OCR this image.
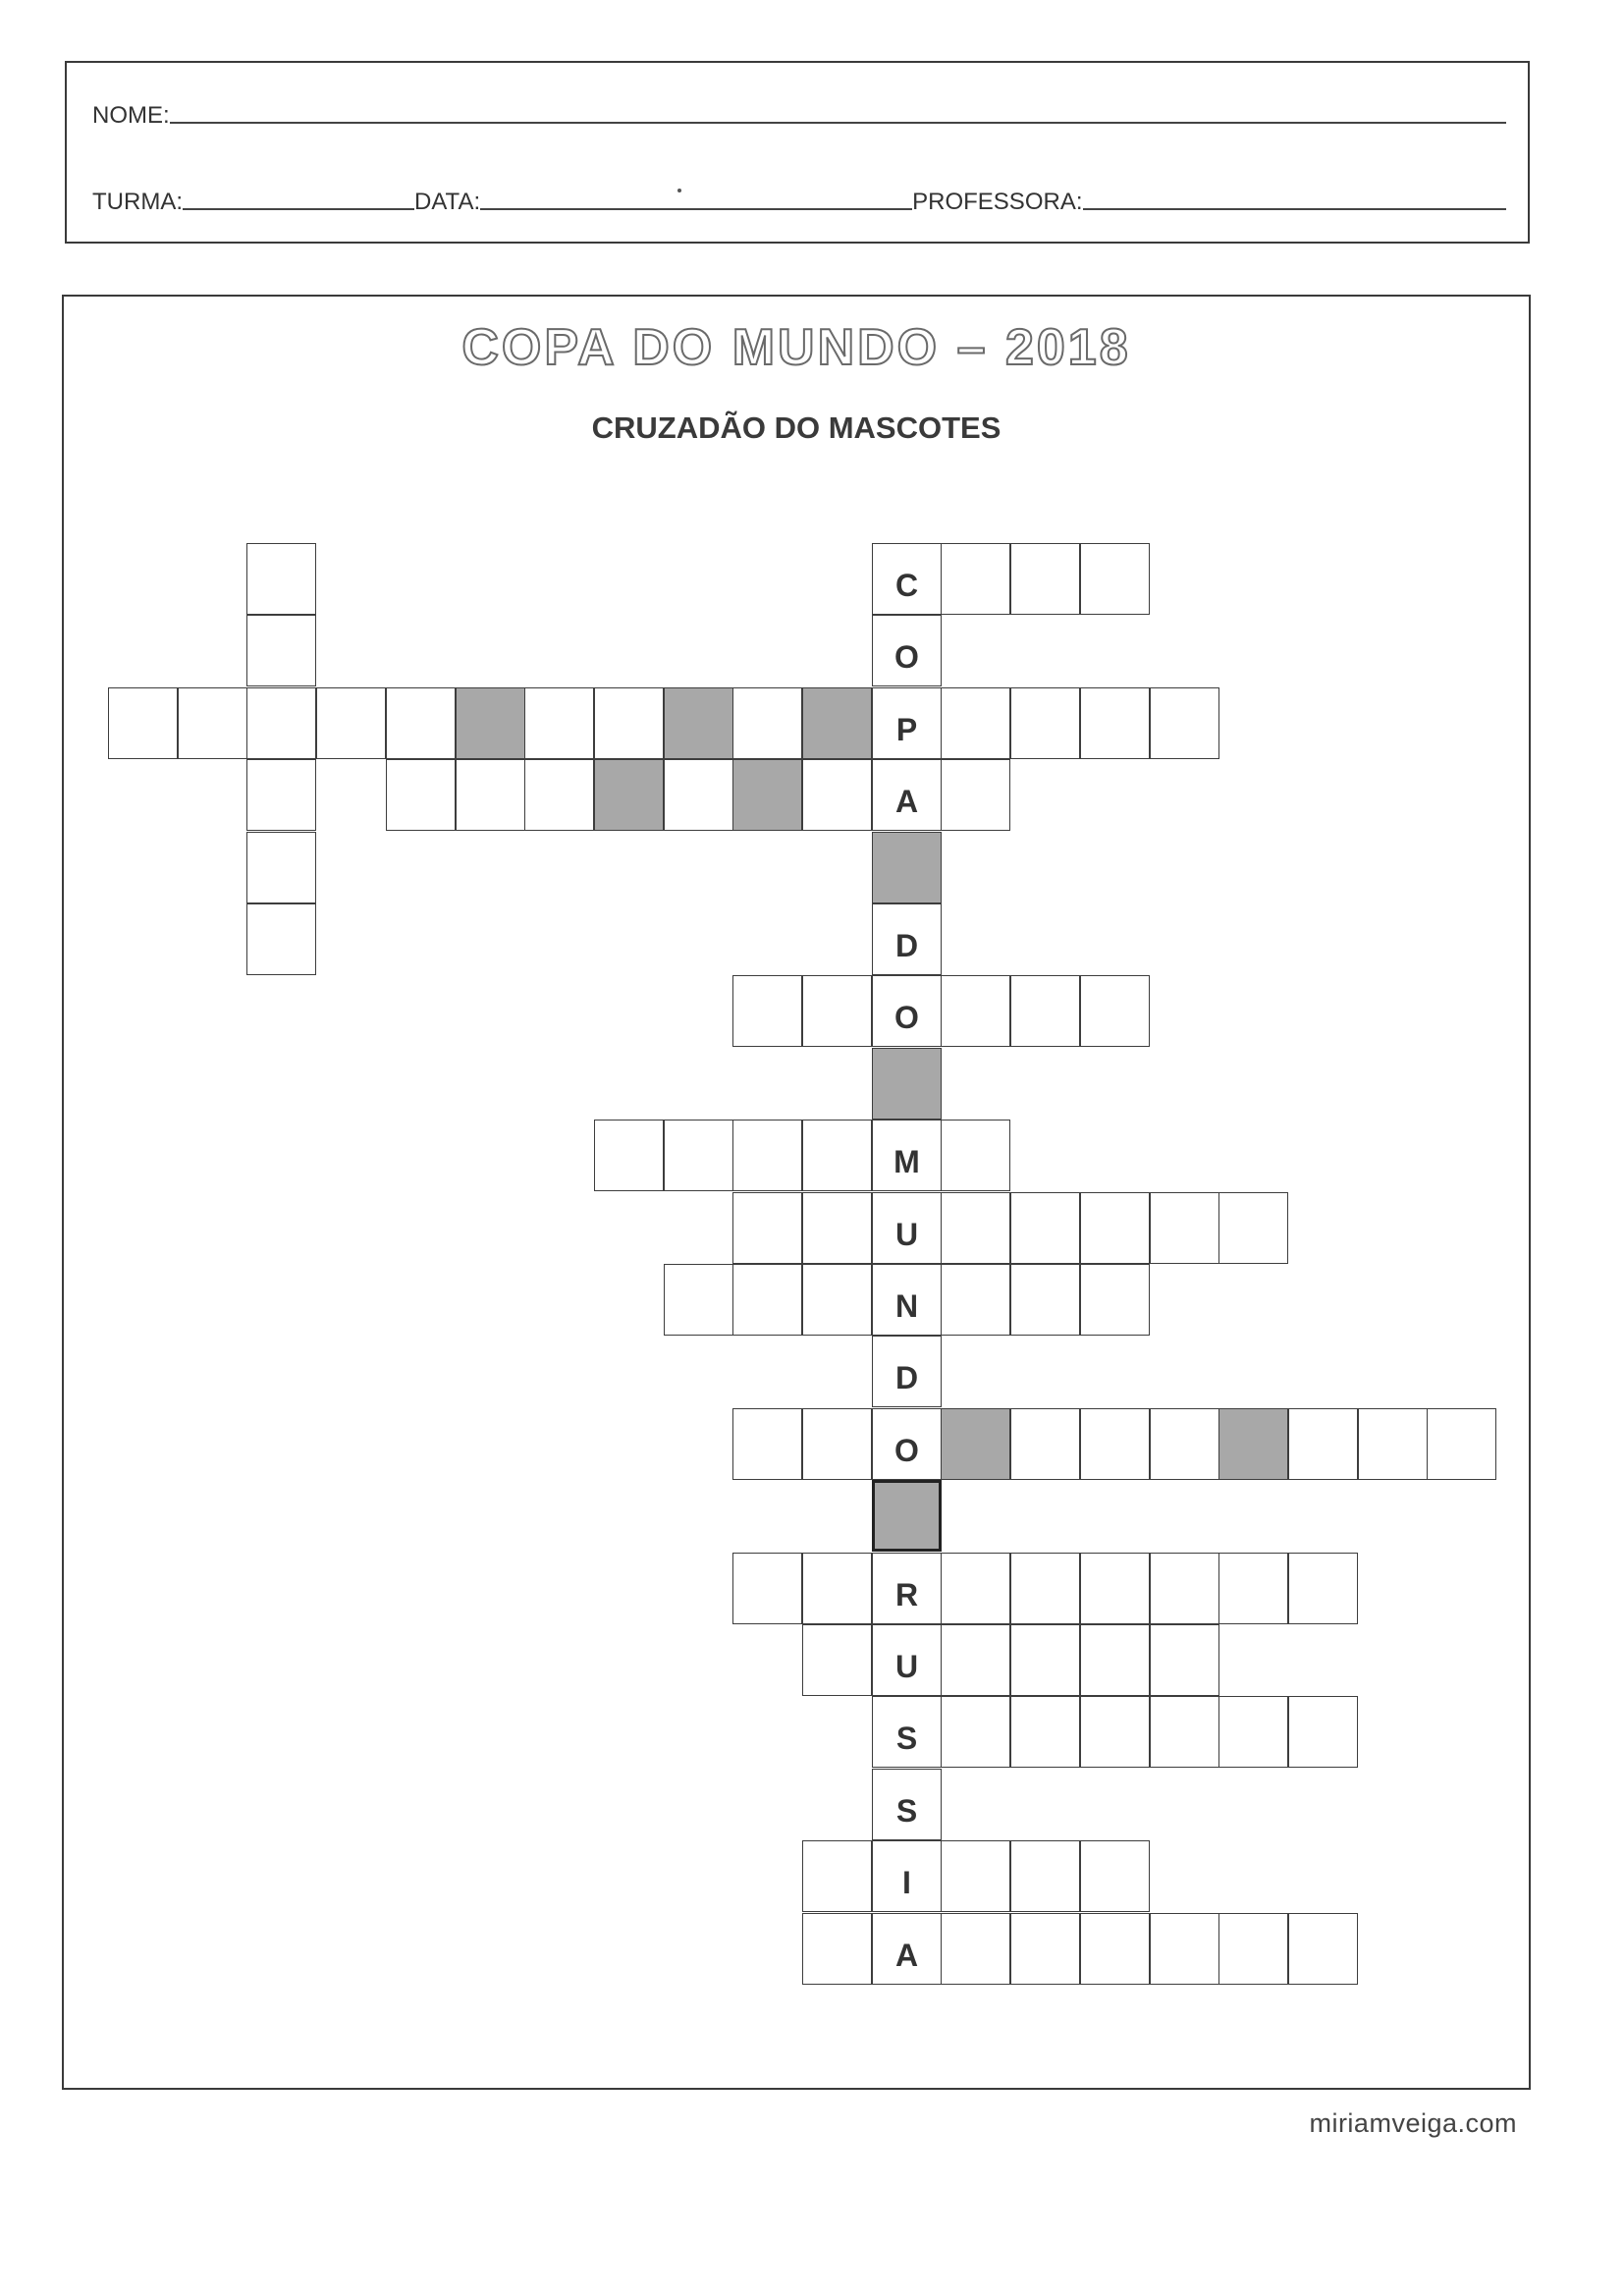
NOME:
TURMA:	DATA:	PROFESSORA:
COPA DO MUNDO – 2018
CRUZADÃO DO MASCOTES
C
O
P
A
D
O
M
U
N
D
O
R
U
S
S
I
A
miriamveiga.com
